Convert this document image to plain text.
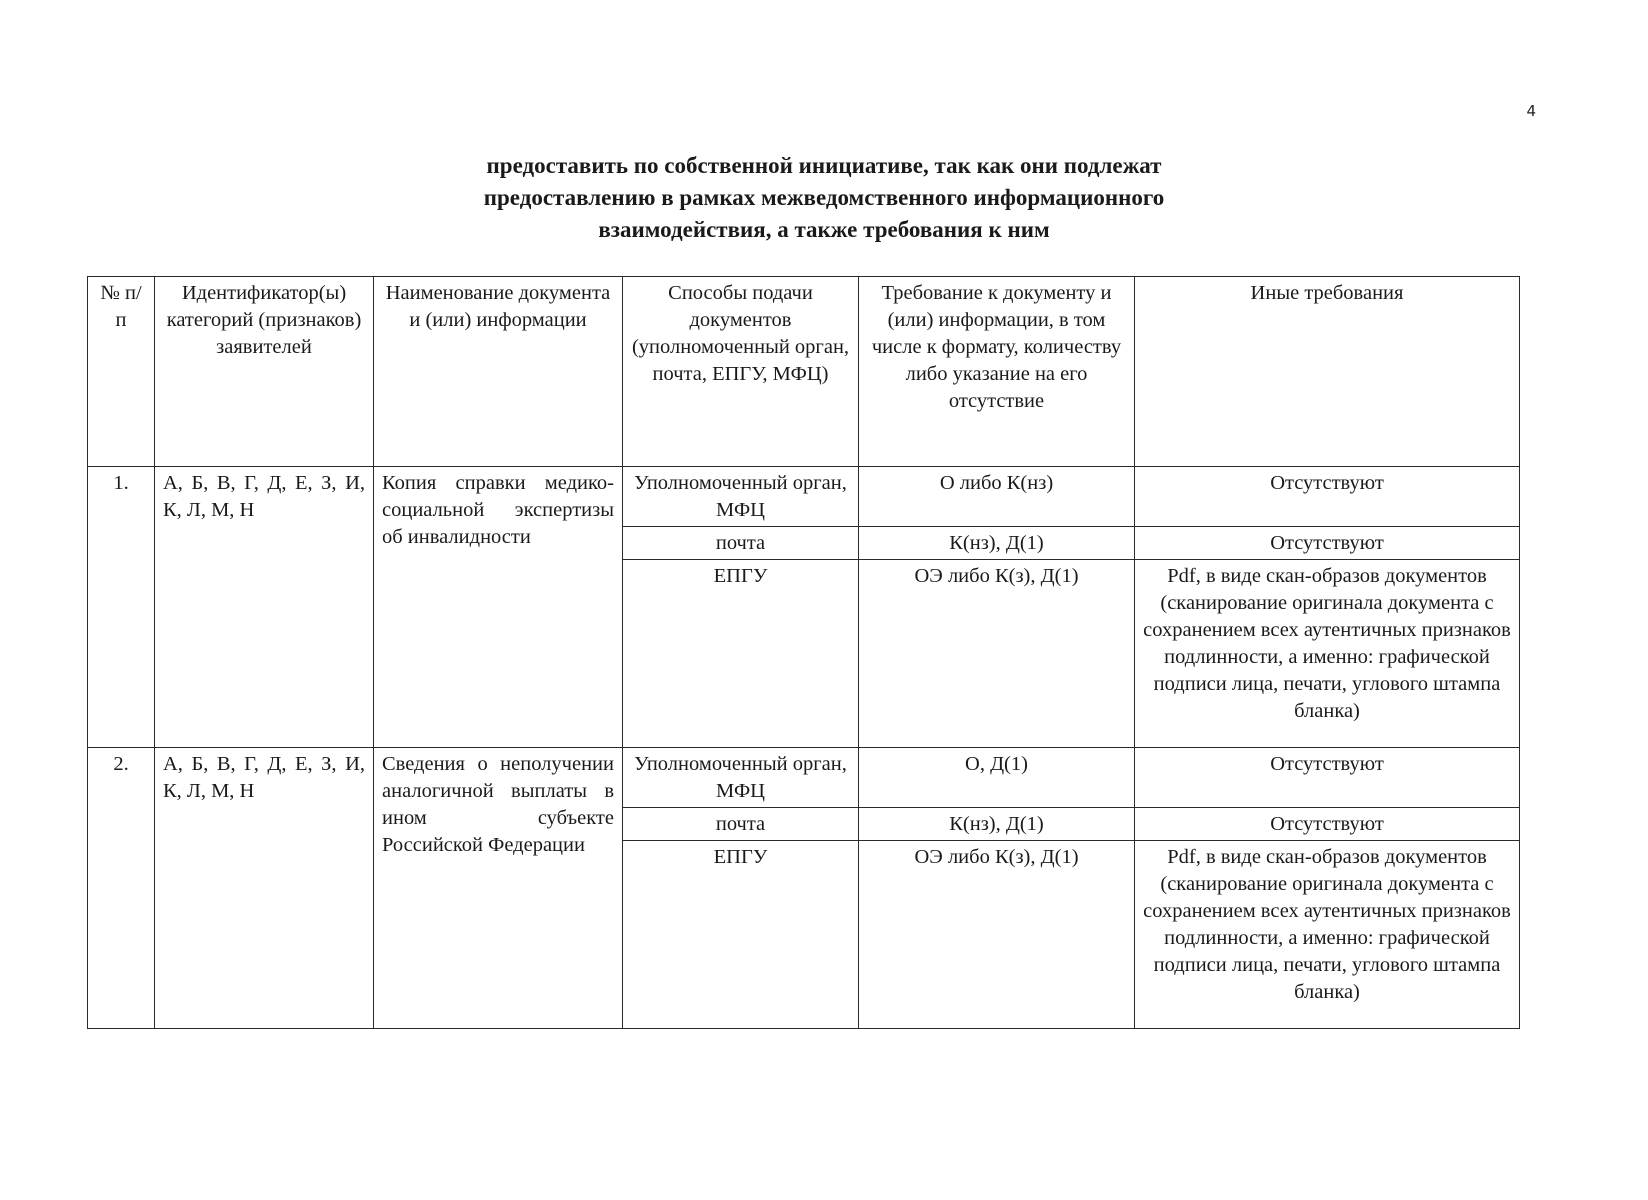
4
предоставить по собственной инициативе, так как они подлежат
предоставлению в рамках межведомственного информационного
взаимодействия, а также требования к ним
№ п/п	Идентификатор(ы) категорий (признаков) заявителей	Наименование документа и (или) информации	Способы подачи документов (уполномоченный орган, почта, ЕПГУ, МФЦ)	Требование к документу и (или) информации, в том числе к формату, количеству либо указание на его отсутствие	Иные требования
1.	А, Б, В, Г, Д, Е, З, И, К, Л, М, Н	Копия справки медико-социальной экспертизы об инвалидности	Уполномоченный орган, МФЦ	О либо К(нз)	Отсутствуют
			почта	К(нз), Д(1)	Отсутствуют
			ЕПГУ	ОЭ либо К(з), Д(1)	Pdf, в виде скан-образов документов (сканирование оригинала документа с сохранением всех аутентичных признаков подлинности, а именно: графической подписи лица, печати, углового штампа бланка)
2.	А, Б, В, Г, Д, Е, З, И, К, Л, М, Н	Сведения о неполучении аналогичной выплаты в ином субъекте Российской Федерации	Уполномоченный орган, МФЦ	О, Д(1)	Отсутствуют
			почта	К(нз), Д(1)	Отсутствуют
			ЕПГУ	ОЭ либо К(з), Д(1)	Pdf, в виде скан-образов документов (сканирование оригинала документа с сохранением всех аутентичных признаков подлинности, а именно: графической подписи лица, печати, углового штампа бланка)
